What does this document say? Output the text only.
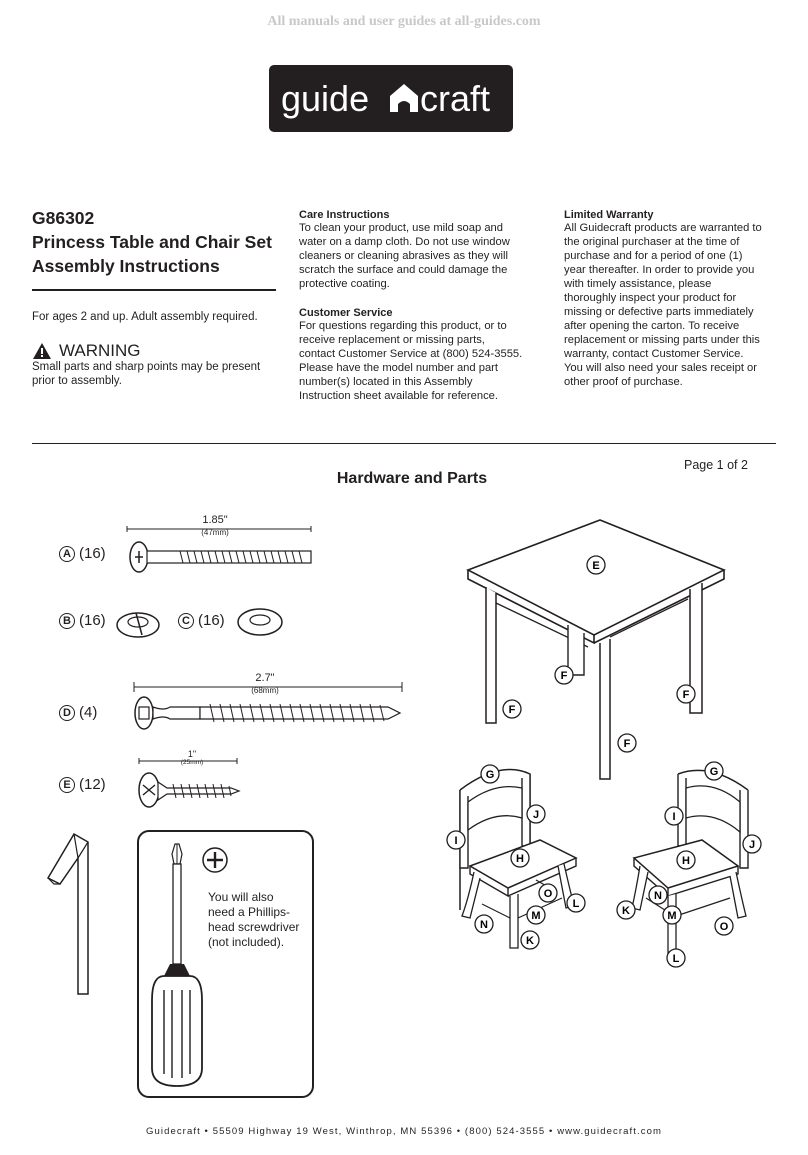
All manuals and user guides at all-guides.com
guide craft
G86302
Princess Table and Chair Set
Assembly Instructions
For ages 2 and up. Adult assembly required.
WARNING
Small parts and sharp points may be present
prior to assembly.
Care Instructions
To clean your product, use mild soap and
water on a damp cloth. Do not use window
cleaners or cleaning abrasives as they will
scratch the surface and could damage the
protective coating.
Customer Service
For questions regarding this product, or to
receive replacement or missing parts,
contact Customer Service at (800) 524-3555.
Please have the model number and part
number(s) located in this Assembly
Instruction sheet available for reference.
Limited Warranty
All Guidecraft products are warranted to
the original purchaser at the time of
purchase and for a period of one (1)
year thereafter. In order to provide you
with timely assistance, please
thoroughly inspect your product for
missing or defective parts immediately
after opening the carton. To receive
replacement or missing parts under this
warranty, contact Customer Service.
You will also need your sales receipt or
other proof of purchase.
Page 1 of 2
Hardware and Parts
A (16)
1.85"
(47mm)
B (16)	C (16)
D (4)
2.7"
(68mm)
E (12)
1"
(25mm)
You will also
need a Phillips-
head screwdriver
(not included).
E
F
F
F
F
G
J
I
H
O
L
M
N
K
G
I
J
H
N
K	M
O
L
Guidecraft • 55509 Highway 19 West, Winthrop, MN 55396 • (800) 524-3555 • www.guidecraft.com
